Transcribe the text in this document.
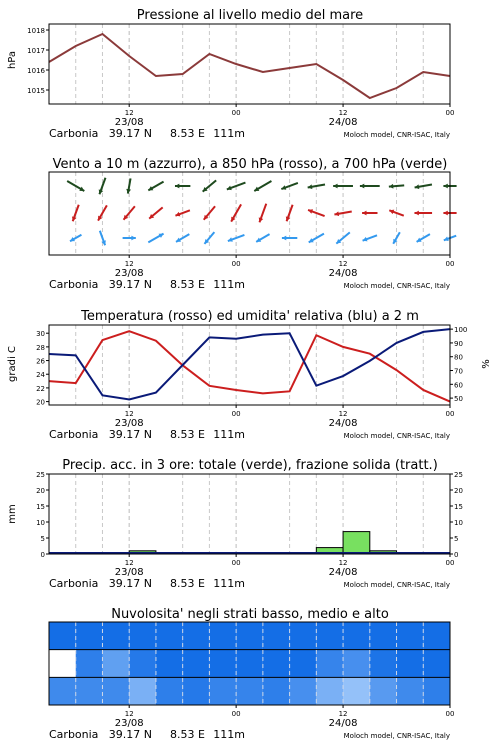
Pressione al livello medio del mare
hPa
1015
1016
1017
1018
12	00	12	00
23/08	24/08
Carbonia 39.17 N 8.53 E 111m	Moloch model, CNR-ISAC, Italy
Vento a 10 m (azzurro), a 850 hPa (rosso), a 700 hPa (verde)
12	00	12	00
23/08	24/08
Carbonia 39.17 N 8.53 E 111m	Moloch model, CNR-ISAC, Italy
Temperatura (rosso) ed umidita' relativa (blu) a 2 m
gradi C	%
20
22
24
26
28
30
50
60
70
80
90
100
12	00	12	00
23/08	24/08
Carbonia 39.17 N 8.53 E 111m	Moloch model, CNR-ISAC, Italy
Precip. acc. in 3 ore: totale (verde), frazione solida (tratt.)
mm
0	0
5	5
10	10
15	15
20	20
25	25
12	00	12	00
23/08	24/08
Carbonia 39.17 N 8.53 E 111m	Moloch model, CNR-ISAC, Italy
Nuvolosita' negli strati basso, medio e alto
12	00	12	00
23/08	24/08
Carbonia 39.17 N 8.53 E 111m	Moloch model, CNR-ISAC, Italy
